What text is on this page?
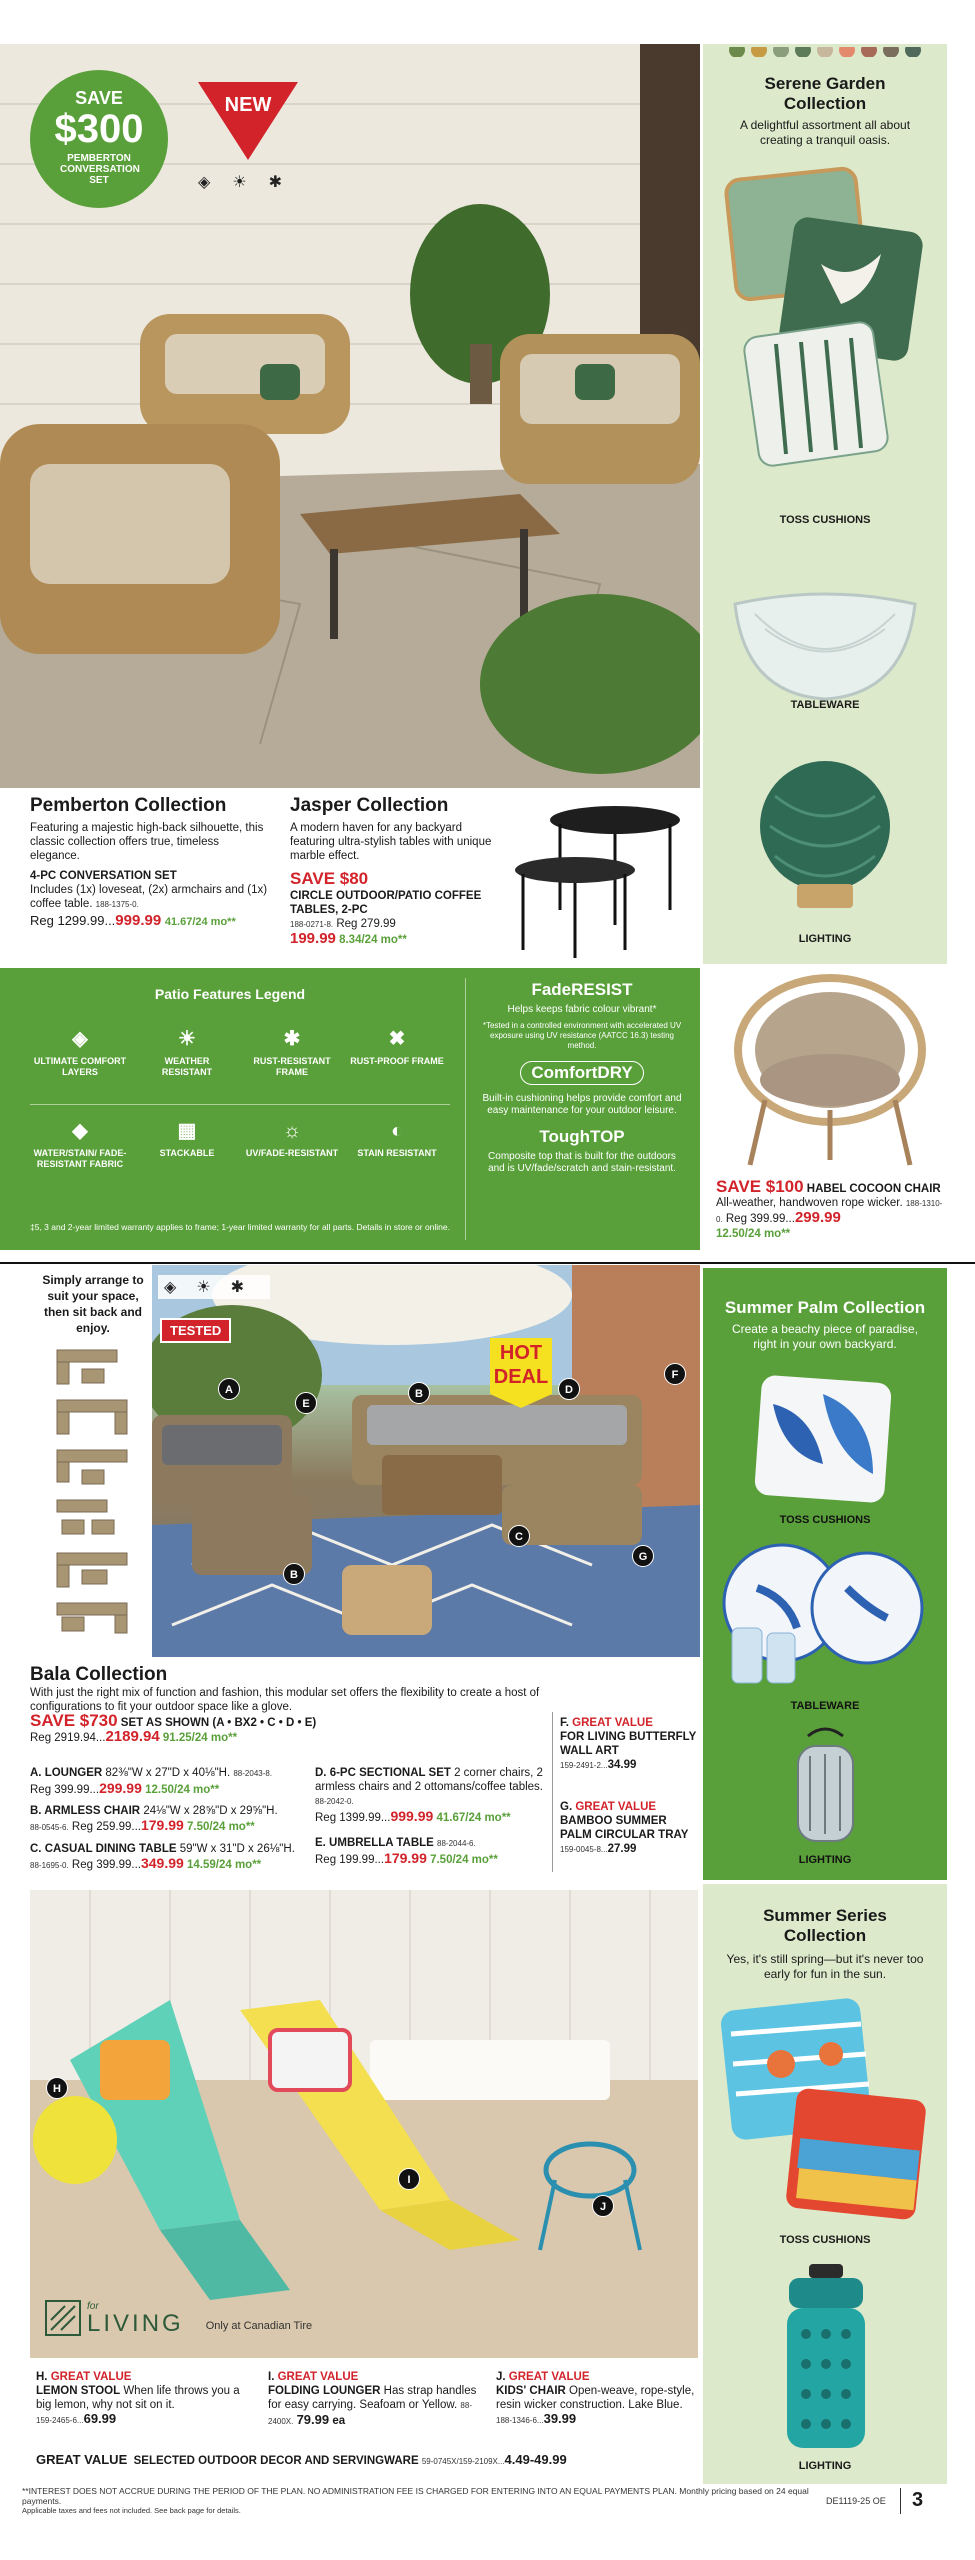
SAVE
$300
PEMBERTON CONVERSATION SET
NEW
◈☀✱
Pemberton Collection
Featuring a majestic high-back silhouette, this classic collection offers true, timeless elegance.
4-PC CONVERSATION SET
Includes (1x) loveseat, (2x) armchairs and (1x) coffee table. 188-1375-0.
Reg 1299.99...999.99 41.67/24 mo**
Jasper Collection
A modern haven for any backyard featuring ultra-stylish tables with unique marble effect.
SAVE $80
CIRCLE OUTDOOR/PATIO COFFEE TABLES, 2-PC
188-0271-8. Reg 279.99
199.99 8.34/24 mo**
Serene Garden Collection

A delightful assortment all about creating a tranquil oasis.

TOSS CUSHIONS
TABLEWARE
LIGHTING
Patio Features Legend
◈
ULTIMATE COMFORT LAYERS
☀
WEATHER RESISTANT
✱
RUST-RESISTANT FRAME
✖
RUST-PROOF FRAME
◆
WATER/STAIN/ FADE-RESISTANT FABRIC
▦
STACKABLE
☼
UV/FADE-RESISTANT
◐
STAIN RESISTANT
‡5, 3 and 2-year limited warranty applies to frame; 1-year limited warranty for all parts. Details in store or online.
FadeRESIST
Helps keeps fabric colour vibrant*
*Tested in a controlled environment with accelerated UV exposure using UV resistance (AATCC 16.3) testing method.
ComfortDRY
Built-in cushioning helps provide comfort and easy maintenance for your outdoor leisure.
ToughTOP
Composite top that is built for the outdoors and is UV/fade/scratch and stain-resistant.
SAVE $100 HABEL COCOON CHAIR All-weather, handwoven rope wicker. 188-1310-0. Reg 399.99...299.99
12.50/24 mo**
Simply arrange to suit your space, then sit back and enjoy.
◈☀✱
TESTED
HOT
DEAL
A
E
B	D
F
C
G
B
Bala Collection
With just the right mix of function and fashion, this modular set offers the flexibility to create a host of configurations to fit your outdoor space like a glove.
SAVE $730 SET AS SHOWN (A • BX2 • C • D • E)
Reg 2919.94...2189.94 91.25/24 mo**
A. LOUNGER 82⅜"W x 27"D x 40⅛"H. 88-2043-8.
Reg 399.99...299.99 12.50/24 mo**
B. ARMLESS CHAIR 24⅛"W x 28⅝"D x 29⅝"H.
88-0545-6. Reg 259.99...179.99 7.50/24 mo**
C. CASUAL DINING TABLE 59"W x 31"D x 26⅛"H.
88-1695-0. Reg 399.99...349.99 14.59/24 mo**
D. 6-PC SECTIONAL SET 2 corner chairs, 2 armless chairs and 2 ottomans/coffee tables. 88-2042-0.
Reg 1399.99...999.99 41.67/24 mo**
E. UMBRELLA TABLE 88-2044-6.
Reg 199.99...179.99 7.50/24 mo**
F. GREAT VALUE
FOR LIVING BUTTERFLY WALL ART
159-2491-2...34.99
G. GREAT VALUE
BAMBOO SUMMER PALM CIRCULAR TRAY
159-0045-8...27.99
Summer Palm Collection

Create a beachy piece of paradise, right in your own backyard.

TOSS CUSHIONS
TABLEWARE
LIGHTING
Summer Series Collection

Yes, it's still spring—but it's never too early for fun in the sun.

TOSS CUSHIONS
LIGHTING
H
I
J
for
LIVING Only at Canadian Tire
H. GREAT VALUE
LEMON STOOL When life throws you a big lemon, why not sit on it.
159-2465-6...69.99
I. GREAT VALUE
FOLDING LOUNGER Has strap handles for easy carrying. Seafoam or Yellow. 88-2400X. 79.99 ea
J. GREAT VALUE
KIDS' CHAIR Open-weave, rope-style, resin wicker construction. Lake Blue.
188-1346-6...39.99
GREAT VALUE SELECTED OUTDOOR DECOR AND SERVINGWARE 59-0745X/159-2109X...4.49-49.99
**INTEREST DOES NOT ACCRUE DURING THE PERIOD OF THE PLAN. NO ADMINISTRATION FEE IS CHARGED FOR ENTERING INTO AN EQUAL PAYMENTS PLAN. Monthly pricing based on 24 equal payments.
Applicable taxes and fees not included. See back page for details.
DE1119-25 OE 3
